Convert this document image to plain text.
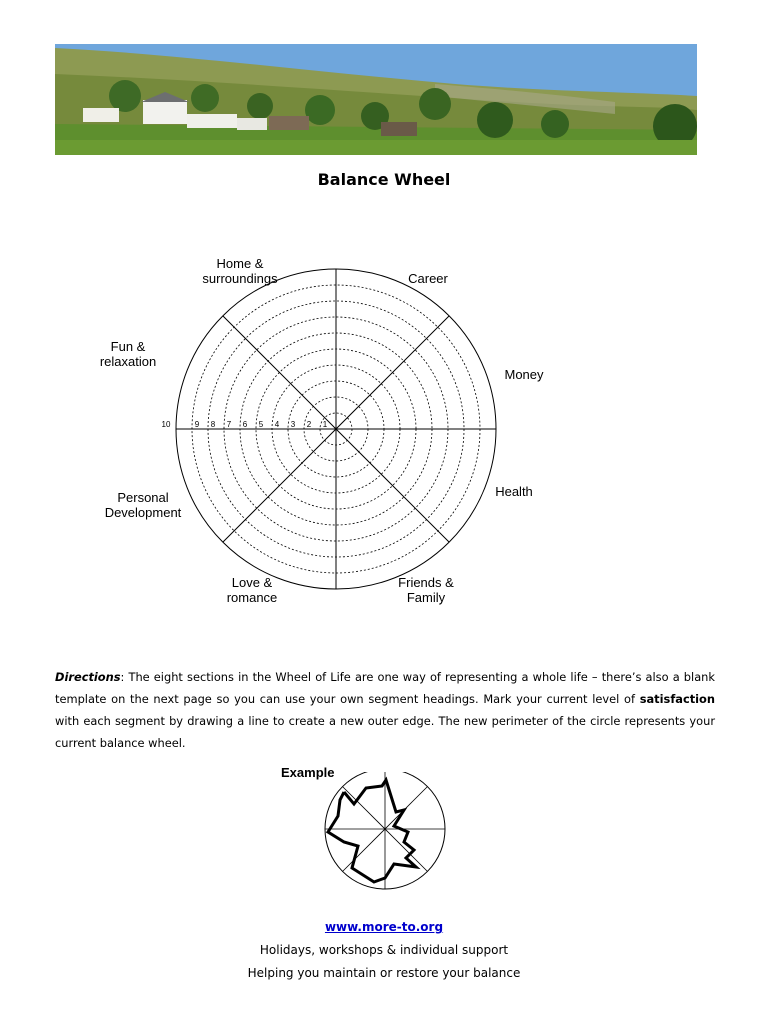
Balance Wheel
1
2
3
4
5
6
7
8
9
10
Home &
surroundings	Career
Money
Health
Friends &
Family
Love &
romance
Personal
Development
Fun &
relaxation
Directions: The eight sections in the Wheel of Life are one way of representing a whole life – there’s also a blank template on the next page so you can use your own segment headings. Mark your current level of satisfaction with each segment by drawing a line to create a new outer edge. The new perimeter of the circle represents your current balance wheel.
Example
www.more-to.org
Holidays, workshops & individual support
Helping you maintain or restore your balance
